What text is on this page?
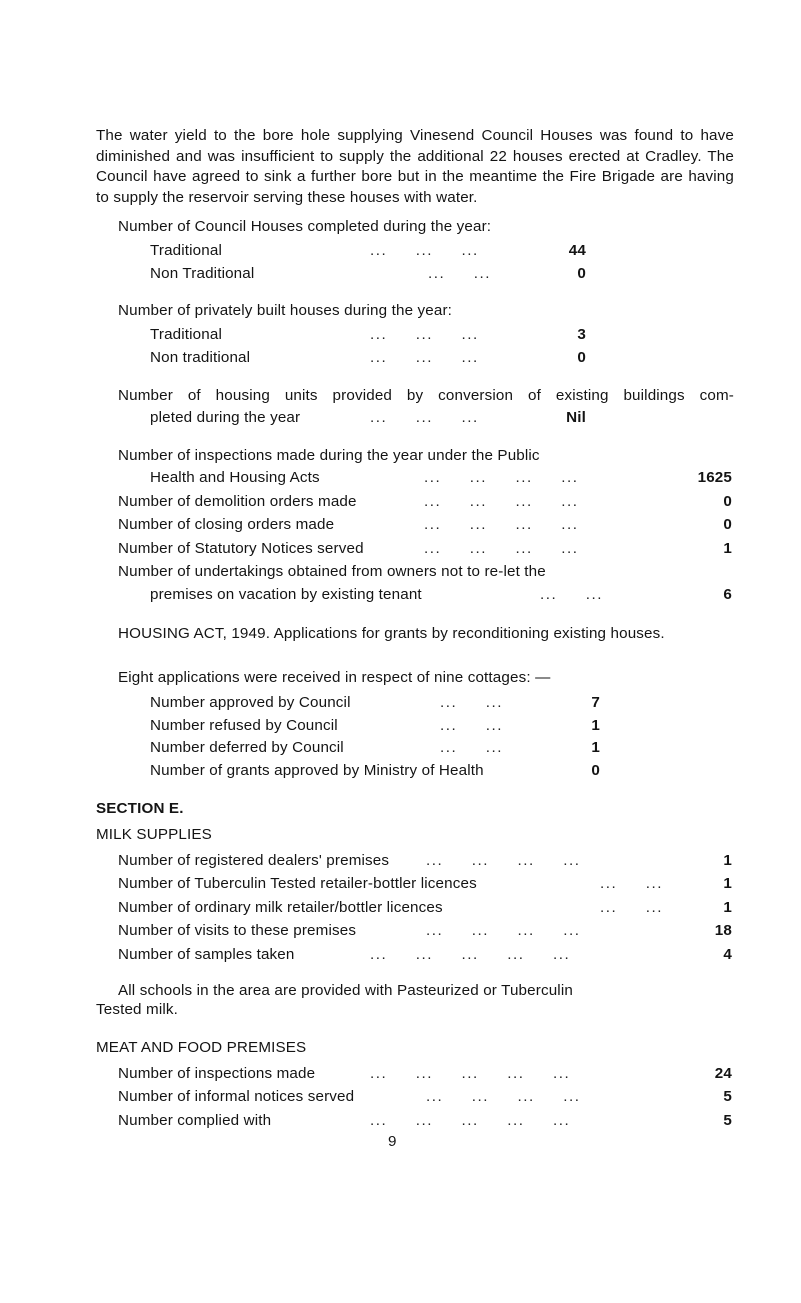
The water yield to the bore hole supplying Vinesend Council Houses was found to have diminished and was insufficient to supply the additional 22 houses erected at Cradley. The Council have agreed to sink a further bore but in the meantime the Fire Brigade are having to supply the reservoir serving these houses with water.
Number of Council Houses completed during the year:
Traditional	...     ...     ...	44
Non Traditional	...     ...	0
Number of privately built houses during the year:
Traditional	...     ...     ...	3
Non traditional	...     ...     ...	0
Number of housing units provided by conversion of existing buildings com-
pleted during the year	...     ...     ...	Nil
Number of inspections made during the year under the Public
Health and Housing Acts	...     ...     ...     ...	1625
Number of demolition orders made	...     ...     ...     ...	0
Number of closing orders made	...     ...     ...     ...	0
Number of Statutory Notices served	...     ...     ...     ...	1
Number of undertakings obtained from owners not to re-let the
premises on vacation by existing tenant	...     ...	6
HOUSING ACT, 1949. Applications for grants by reconditioning existing houses.
Eight applications were received in respect of nine cottages: —
Number approved by Council	...     ...	7
Number refused by Council	...     ...	1
Number deferred by Council	...     ...	1
Number of grants approved by Ministry of Health	0
SECTION E.
MILK SUPPLIES
Number of registered dealers' premises ...     ...     ...     ...	1
Number of Tuberculin Tested retailer-bottler licences	...     ...	1
Number of ordinary milk retailer/bottler licences	...     ...	1
Number of visits to these premises	...     ...     ...     ...	18
Number of samples taken	...     ...     ...     ...     ...	4
All schools in the area are provided with Pasteurized or Tuberculin
Tested milk.
MEAT AND FOOD PREMISES
Number of inspections made	...     ...     ...     ...     ...	24
Number of informal notices served	...     ...     ...     ...	5
Number complied with	...     ...     ...     ...     ...	5
9
